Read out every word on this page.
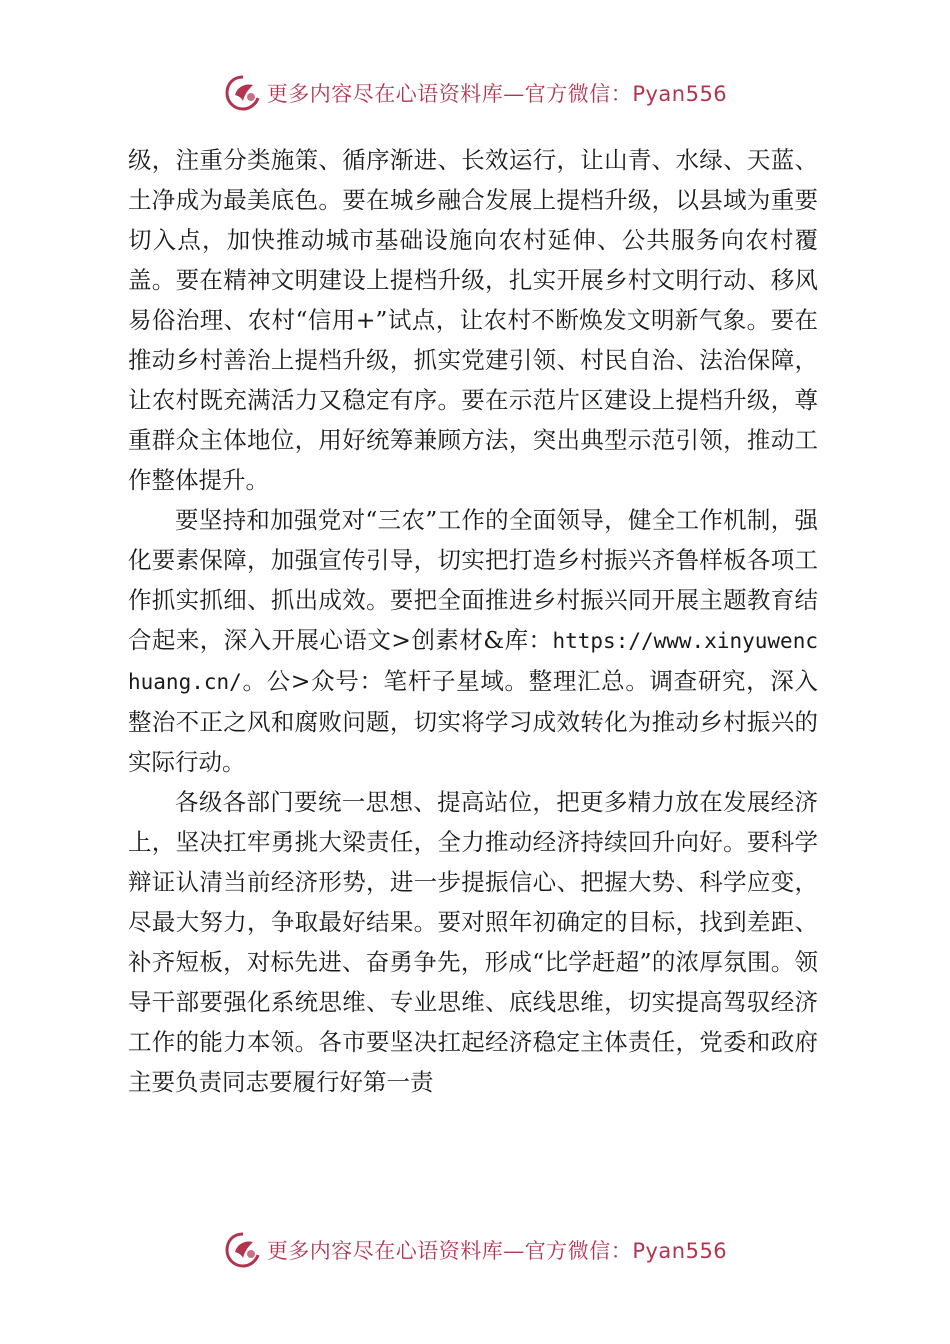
更多内容尽在心语资料库—官方微信：Pyan556

级，注重分类施策、循序渐进、长效运行，让山青、水绿、天蓝、土净成为最美底色。要在城乡融合发展上提档升级，以县域为重要切入点，加快推动城市基础设施向农村延伸、公共服务向农村覆盖。要在精神文明建设上提档升级，扎实开展乡村文明行动、移风易俗治理、农村“信用+”试点，让农村不断焕发文明新气象。要在推动乡村善治上提档升级，抓实党建引领、村民自治、法治保障，让农村既充满活力又稳定有序。要在示范片区建设上提档升级，尊重群众主体地位，用好统筹兼顾方法，突出典型示范引领，推动工作整体提升。

要坚持和加强党对“三农”工作的全面领导，健全工作机制，强化要素保障，加强宣传引导，切实把打造乡村振兴齐鲁样板各项工作抓实抓细、抓出成效。要把全面推进乡村振兴同开展主题教育结合起来，深入开展心语文>创素材&库：https://www.xinyuwenchuang.cn/。公>众号：笔杆子星域。整理汇总。调查研究，深入整治不正之风和腐败问题，切实将学习成效转化为推动乡村振兴的实际行动。

各级各部门要统一思想、提高站位，把更多精力放在发展经济上，坚决扛牢勇挑大梁责任，全力推动经济持续回升向好。要科学辩证认清当前经济形势，进一步提振信心、把握大势、科学应变，尽最大努力，争取最好结果。要对照年初确定的目标，找到差距、补齐短板，对标先进、奋勇争先，形成“比学赶超”的浓厚氛围。领导干部要强化系统思维、专业思维、底线思维，切实提高驾驭经济工作的能力本领。各市要坚决扛起经济稳定主体责任，党委和政府主要负责同志要履行好第一责

更多内容尽在心语资料库—官方微信：Pyan556
